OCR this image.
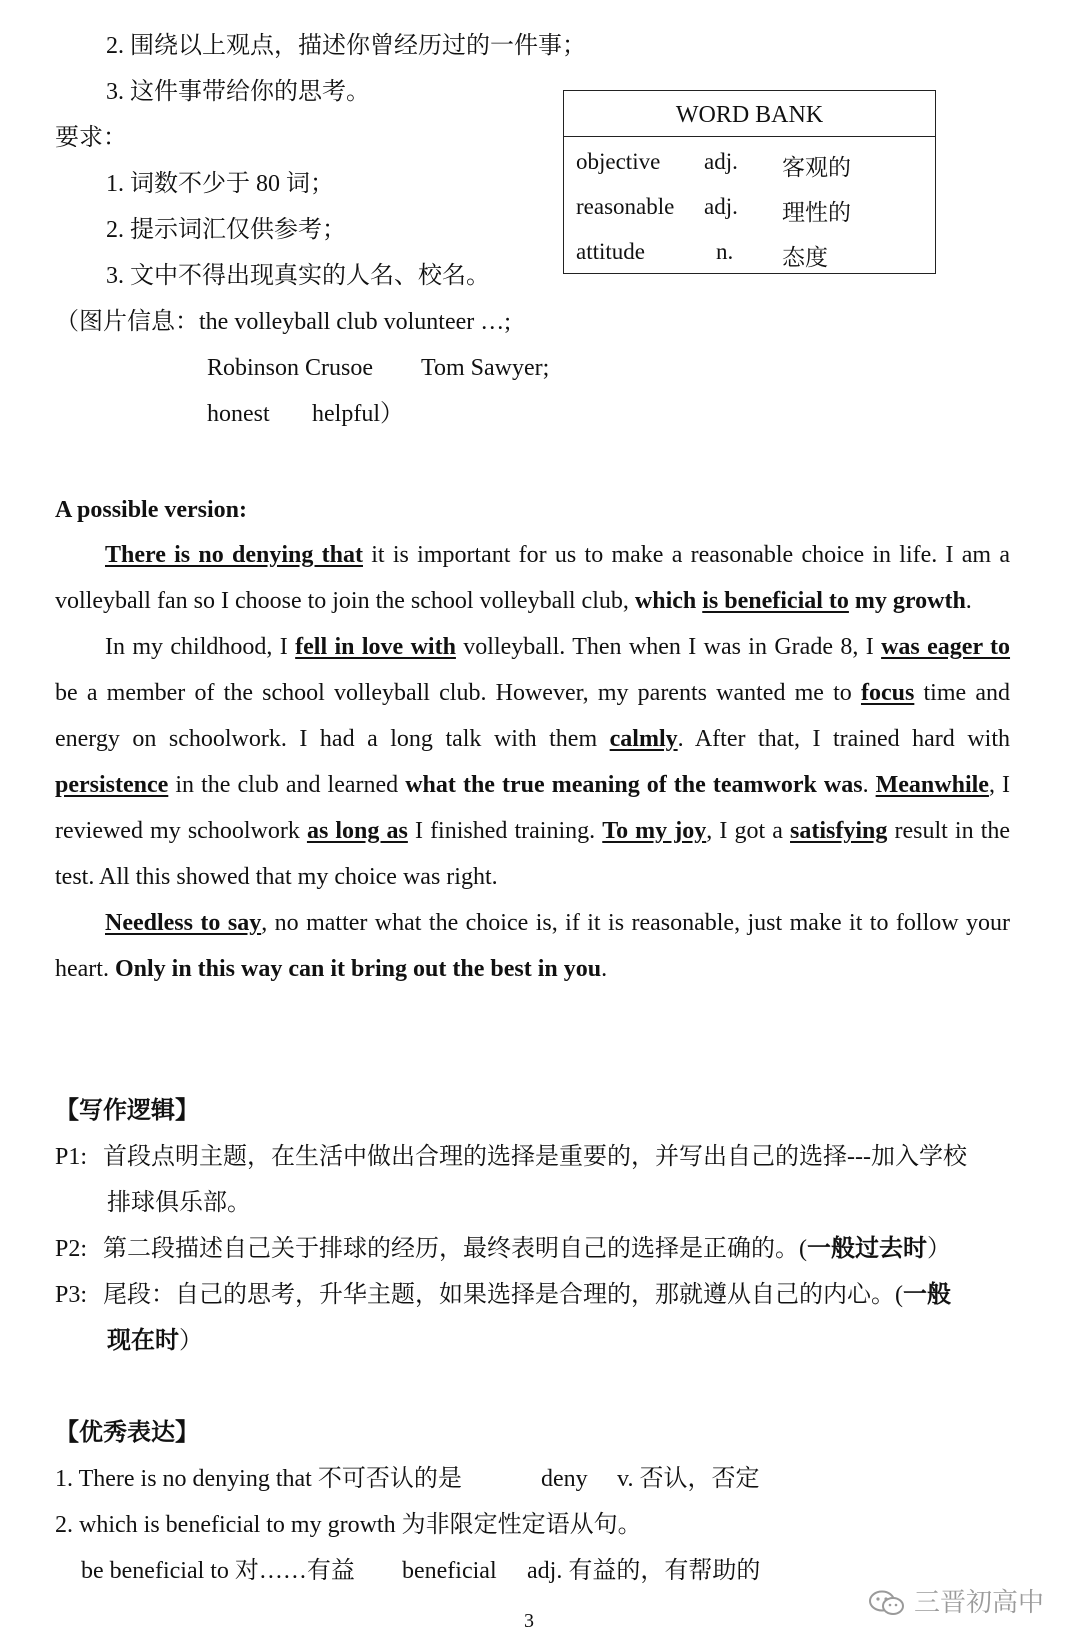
2. 围绕以上观点，描述你曾经历过的一件事；
3. 这件事带给你的思考。
要求：
1. 词数不少于 80 词；
2. 提示词汇仅供参考；
3. 文中不得出现真实的人名、校名。
（图片信息：the volleyball club volunteer …;
Robinson Crusoe Tom Sawyer;
honest helpful）
WORD BANK
objective adj. 客观的
reasonable adj. 理性的
attitude	n. 态度
A possible version:

There is no denying that it is important for us to make a reasonable choice in life. I am a volleyball fan so I choose to join the school volleyball club, which is beneficial to my growth.

In my childhood, I fell in love with volleyball. Then when I was in Grade 8, I was eager to be a member of the school volleyball club. However, my parents wanted me to focus time and energy on schoolwork. I had a long talk with them calmly. After that, I trained hard with persistence in the club and learned what the true meaning of the teamwork was. Meanwhile, I reviewed my schoolwork as long as I finished training. To my joy, I got a satisfying result in the test. All this showed that my choice was right.

Needless to say, no matter what the choice is, if it is reasonable, just make it to follow your heart. Only in this way can it bring out the best in you.

【写作逻辑】
P1: 首段点明主题，在生活中做出合理的选择是重要的，并写出自己的选择---加入学校
排球俱乐部。
P2: 第二段描述自己关于排球的经历，最终表明自己的选择是正确的。(一般过去时）
P3: 尾段：自己的思考，升华主题，如果选择是合理的，那就遵从自己的内心。(一般
现在时）
【优秀表达】
1. There is no denying that 不可否认的是	deny v. 否认，否定
2. which is beneficial to my growth 为非限定性定语从句。
be beneficial to 对……有益 beneficial adj. 有益的，有帮助的
三晋初高中
3
